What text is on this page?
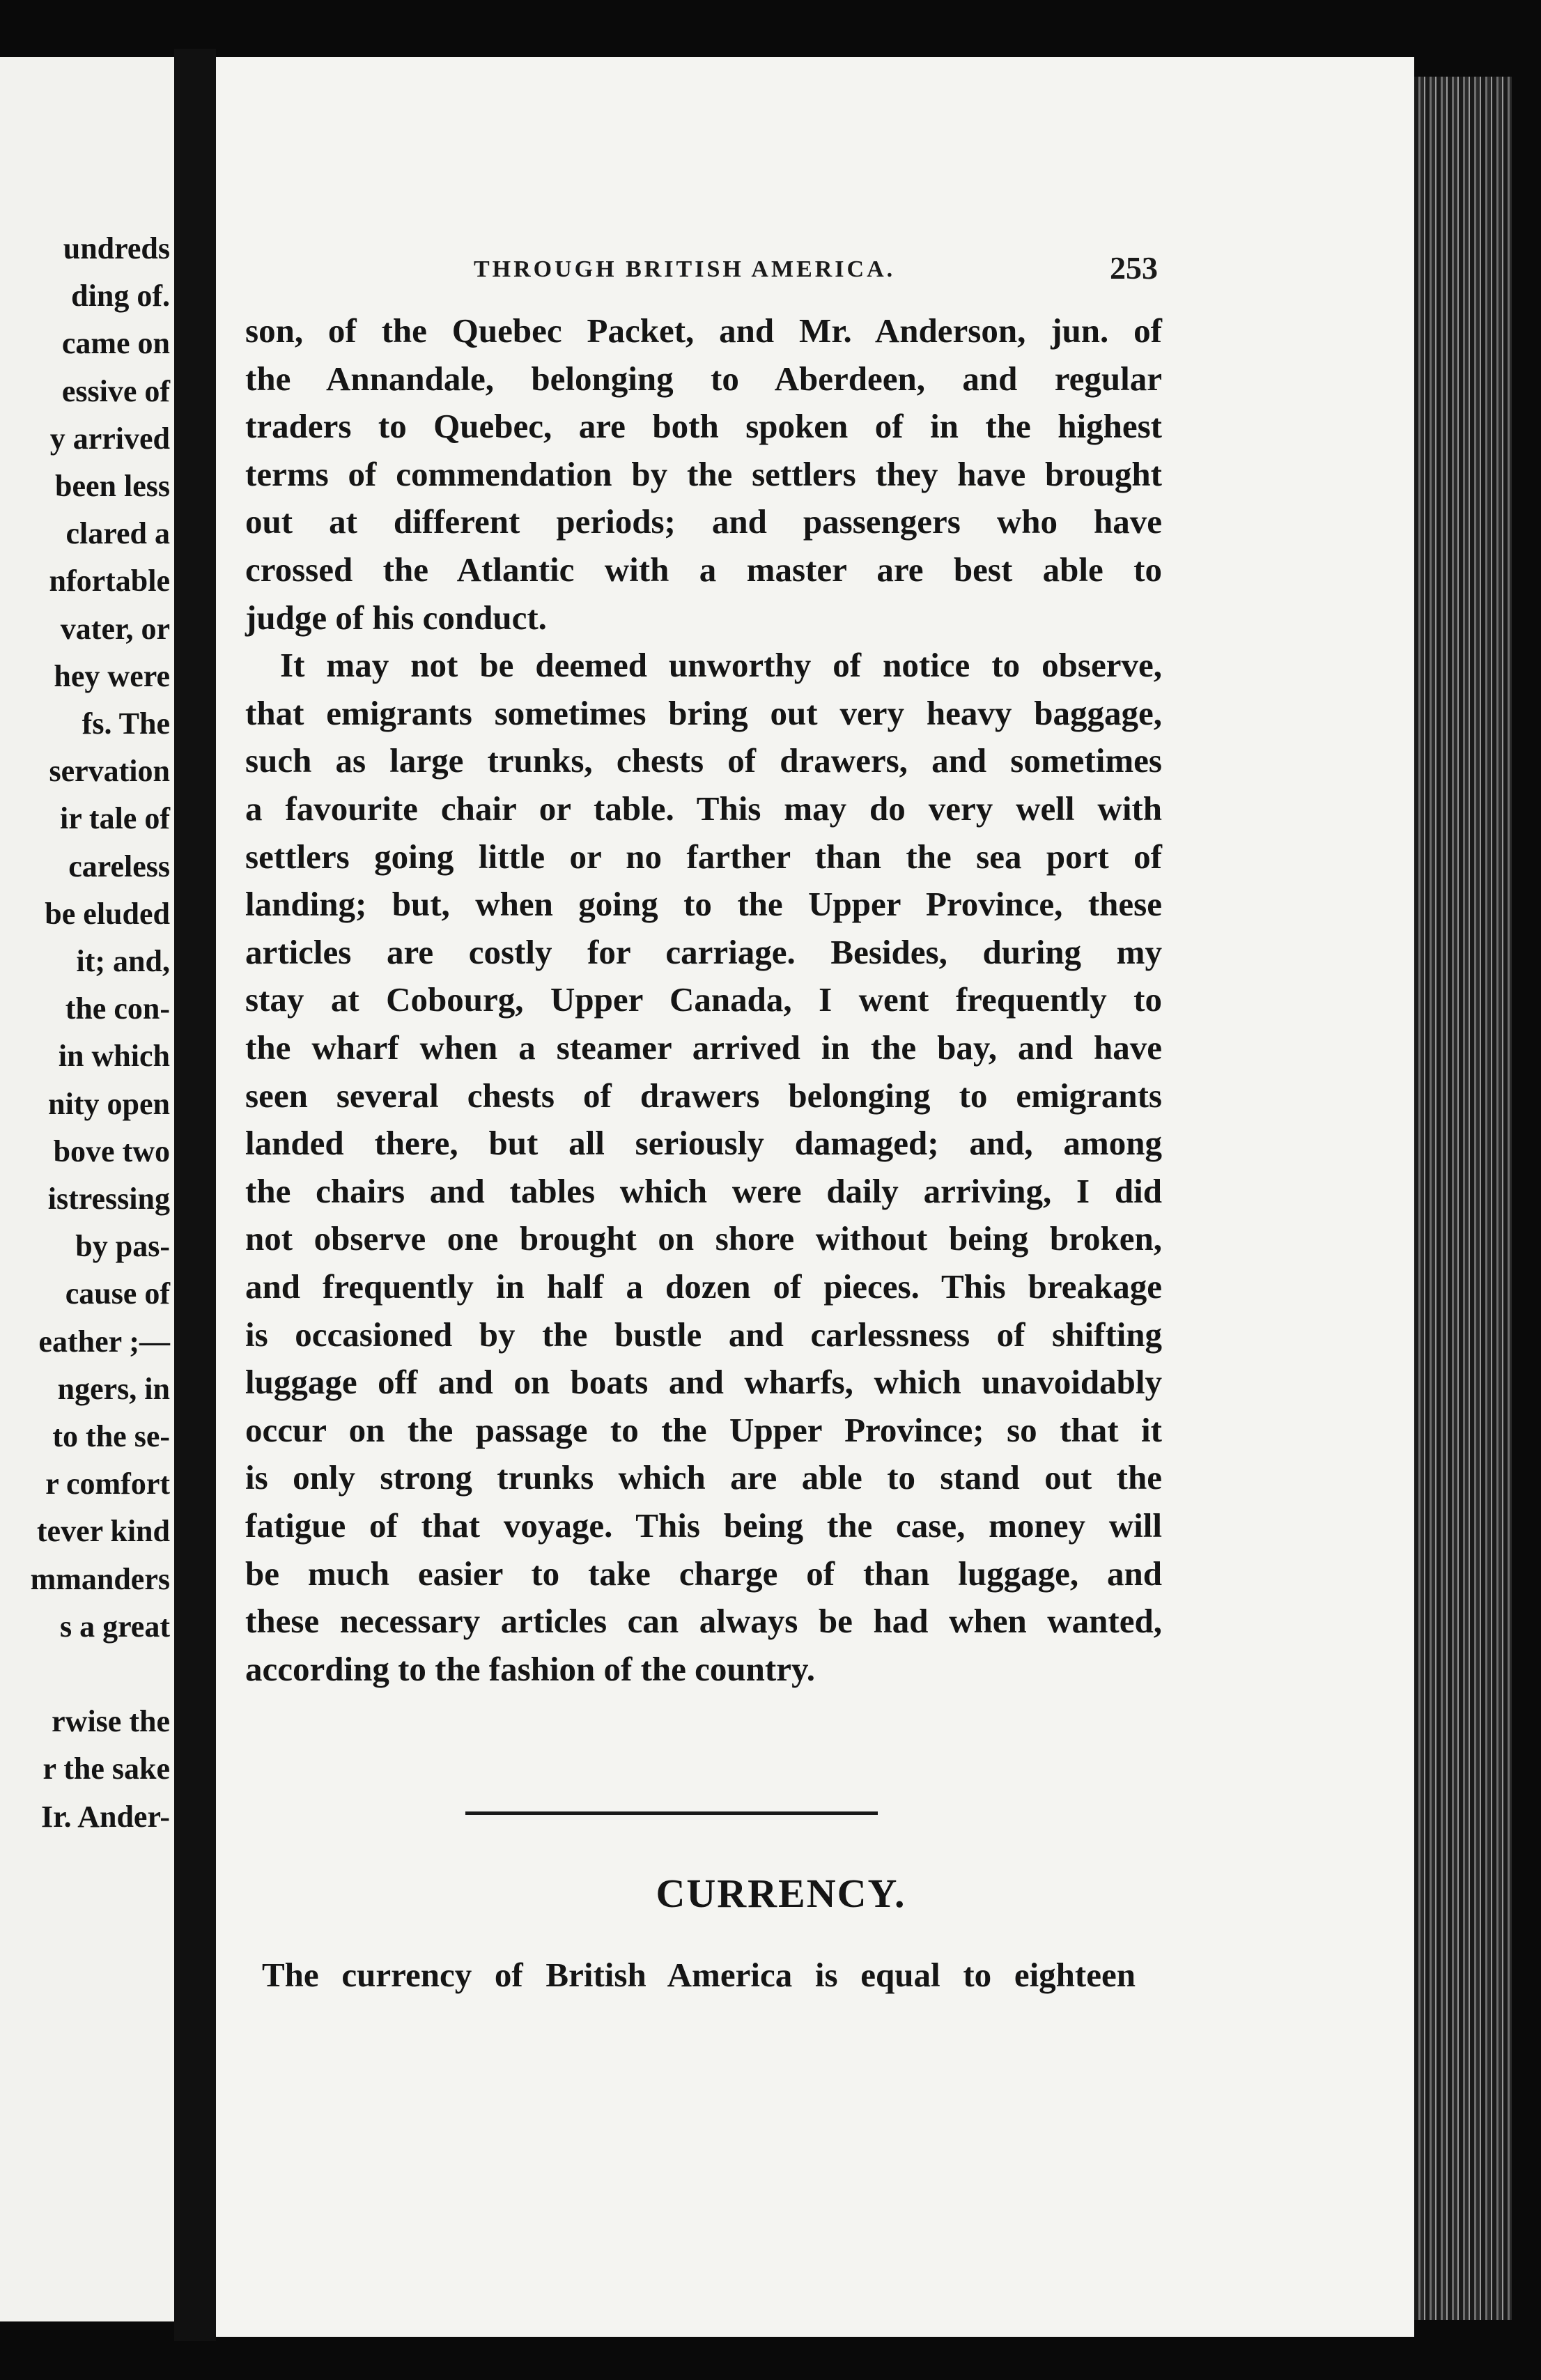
undreds
ding of.
came on
essive of
y arrived
been less
clared a
nfortable
vater, or
hey were
fs. The
servation
ir tale of
careless
be eluded
it; and,
the con-
in which
nity open
bove two
istressing
by pas-
cause of
eather ;—
ngers, in
to the se-
r comfort
tever kind
mmanders
s a great
rwise the
r the sake
Ir. Ander-
THROUGH BRITISH AMERICA.	253
son, of the Quebec Packet, and Mr. Anderson, jun. of
the Annandale, belonging to Aberdeen, and regular
traders to Quebec, are both spoken of in the highest
terms of commendation by the settlers they have brought
out at different periods; and passengers who have
crossed the Atlantic with a master are best able to
judge of his conduct.
It may not be deemed unworthy of notice to observe,
that emigrants sometimes bring out very heavy baggage,
such as large trunks, chests of drawers, and sometimes
a favourite chair or table. This may do very well with
settlers going little or no farther than the sea port of
landing; but, when going to the Upper Province, these
articles are costly for carriage. Besides, during my
stay at Cobourg, Upper Canada, I went frequently to
the wharf when a steamer arrived in the bay, and have
seen several chests of drawers belonging to emigrants
landed there, but all seriously damaged; and, among
the chairs and tables which were daily arriving, I did
not observe one brought on shore without being broken,
and frequently in half a dozen of pieces. This breakage
is occasioned by the bustle and carlessness of shifting
luggage off and on boats and wharfs, which unavoidably
occur on the passage to the Upper Province; so that it
is only strong trunks which are able to stand out the
fatigue of that voyage. This being the case, money will
be much easier to take charge of than luggage, and
these necessary articles can always be had when wanted,
according to the fashion of the country.
CURRENCY.
The currency of British America is equal to eighteen
